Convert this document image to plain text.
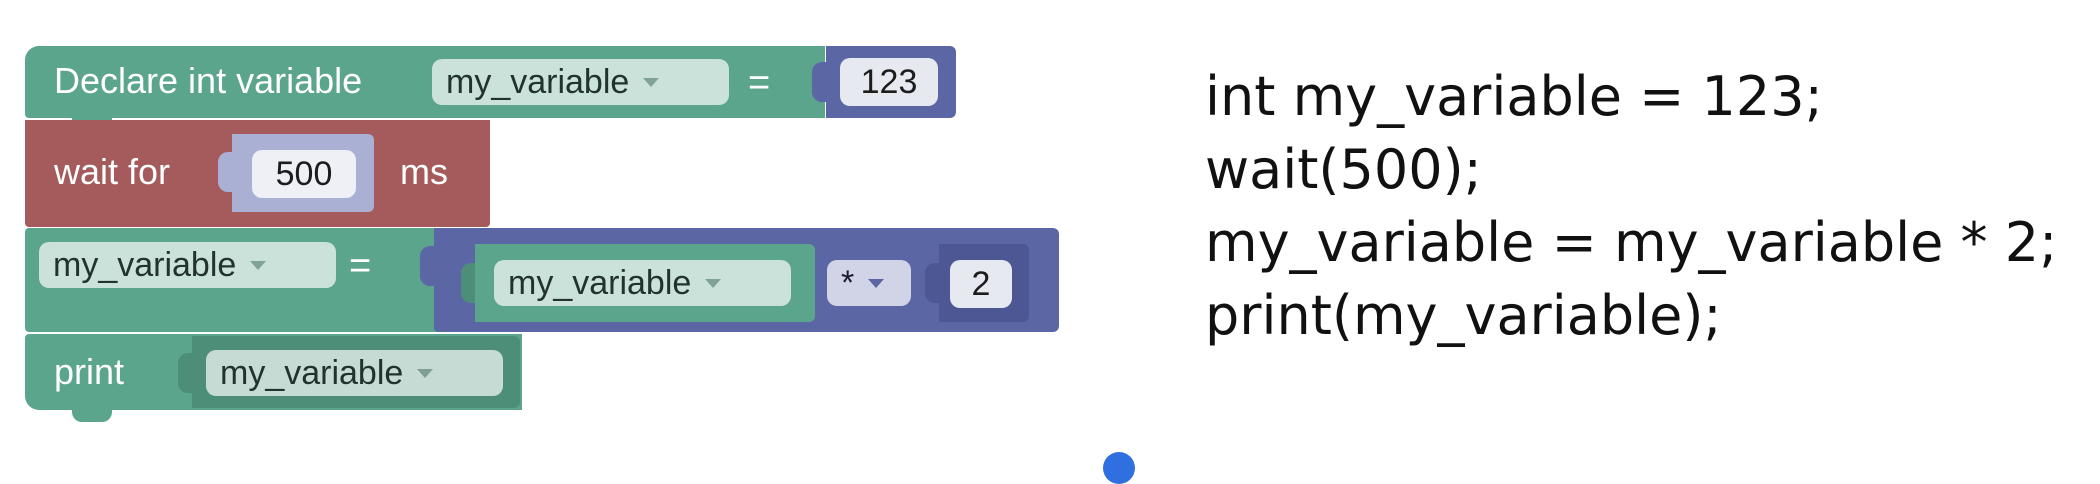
Declare int variable my_variable	=	123
wait for	500	ms
my_variable	=	my_variable	*	2
print	my_variable
int my_variable = 123;
wait(500);
my_variable = my_variable * 2;
print(my_variable);
